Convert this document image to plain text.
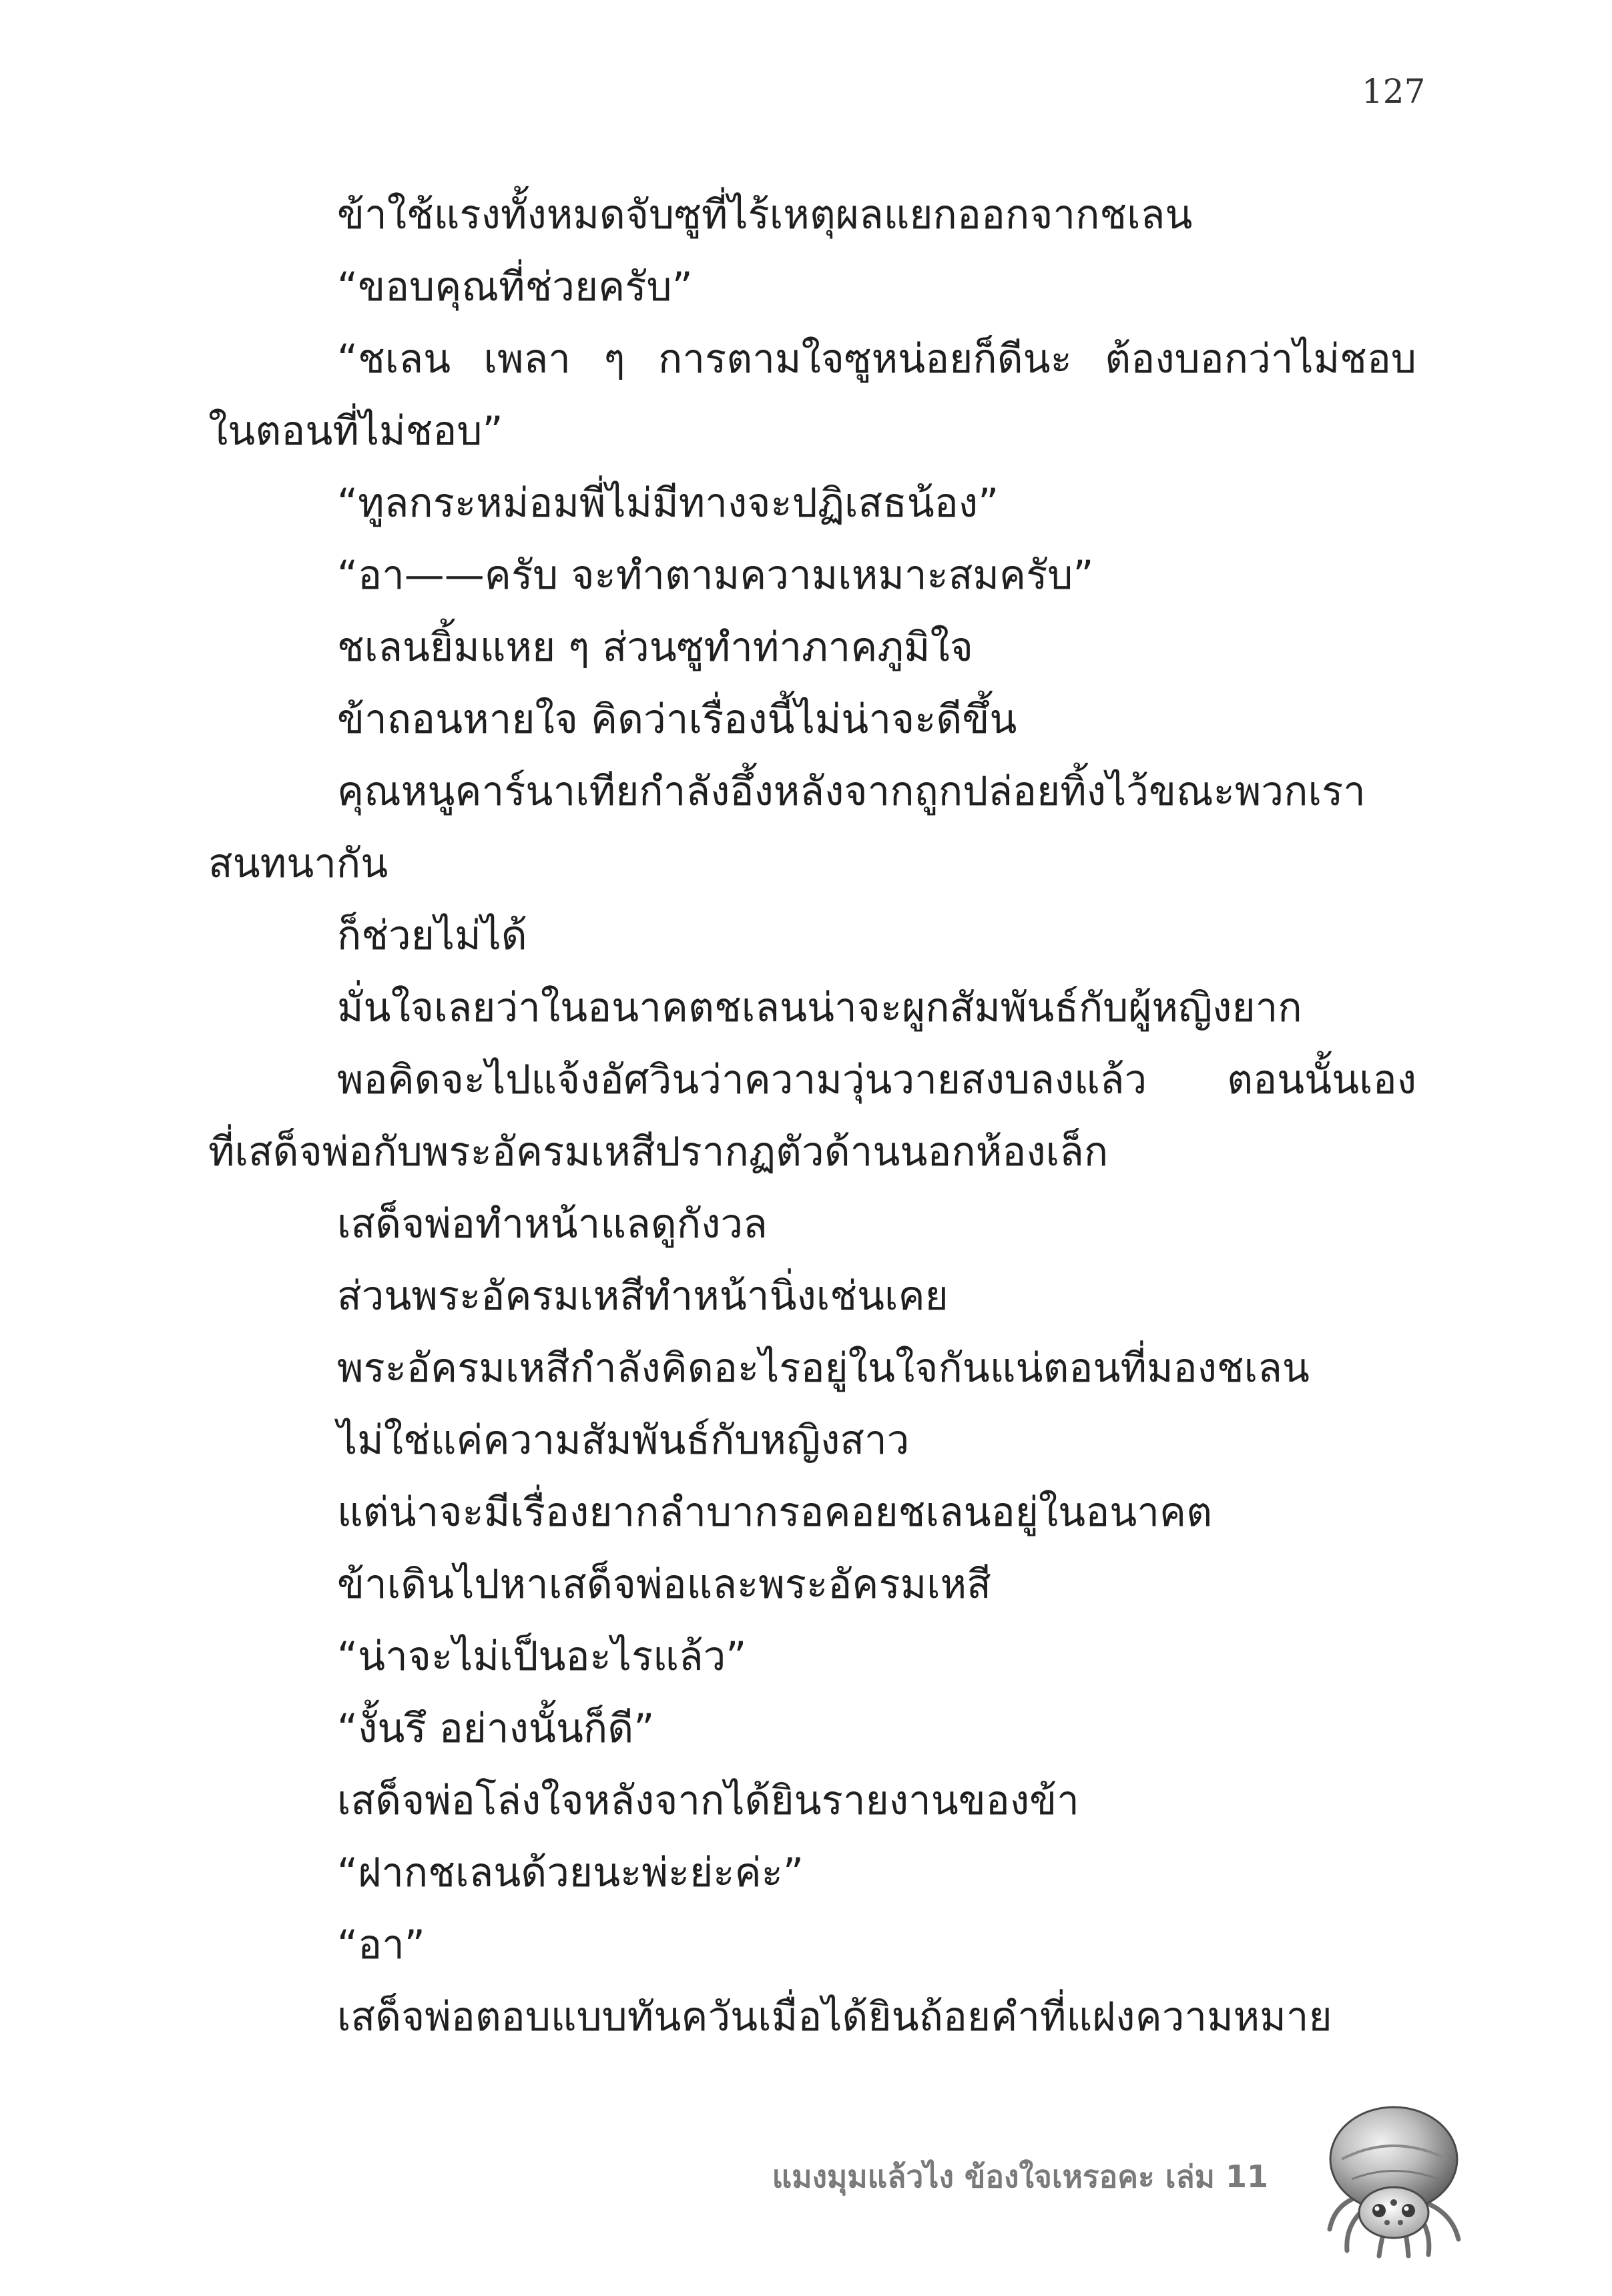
127
ข้าใช้แรงทั้งหมดจับซูที่ไร้เหตุผลแยกออกจากชเลน
“ขอบคุณที่ช่วยครับ”
“ชเลน เพลา ๆ การตามใจซูหน่อยก็ดีนะ ต้องบอกว่าไม่ชอบ
ในตอนที่ไม่ชอบ”
“ทูลกระหม่อมพี่ไม่มีทางจะปฏิเสธน้อง”
“อา——ครับ จะทำตามความเหมาะสมครับ”
ชเลนยิ้มแหย ๆ ส่วนซูทำท่าภาคภูมิใจ
ข้าถอนหายใจ คิดว่าเรื่องนี้ไม่น่าจะดีขึ้น
คุณหนูคาร์นาเทียกำลังอึ้งหลังจากถูกปล่อยทิ้งไว้ขณะพวกเรา
สนทนากัน
ก็ช่วยไม่ได้
มั่นใจเลยว่าในอนาคตชเลนน่าจะผูกสัมพันธ์กับผู้หญิงยาก
พอคิดจะไปแจ้งอัศวินว่าความวุ่นวายสงบลงแล้ว ตอนนั้นเอง
ที่เสด็จพ่อกับพระอัครมเหสีปรากฏตัวด้านนอกห้องเล็ก
เสด็จพ่อทำหน้าแลดูกังวล
ส่วนพระอัครมเหสีทำหน้านิ่งเช่นเคย
พระอัครมเหสีกำลังคิดอะไรอยู่ในใจกันแน่ตอนที่มองชเลน
ไม่ใช่แค่ความสัมพันธ์กับหญิงสาว
แต่น่าจะมีเรื่องยากลำบากรอคอยชเลนอยู่ในอนาคต
ข้าเดินไปหาเสด็จพ่อและพระอัครมเหสี
“น่าจะไม่เป็นอะไรแล้ว”
“งั้นรึ อย่างนั้นก็ดี”
เสด็จพ่อโล่งใจหลังจากได้ยินรายงานของข้า
“ฝากชเลนด้วยนะพ่ะย่ะค่ะ”
“อา”
เสด็จพ่อตอบแบบทันควันเมื่อได้ยินถ้อยคำที่แฝงความหมาย
แมงมุมแล้วไง ข้องใจเหรอคะ เล่ม 11
